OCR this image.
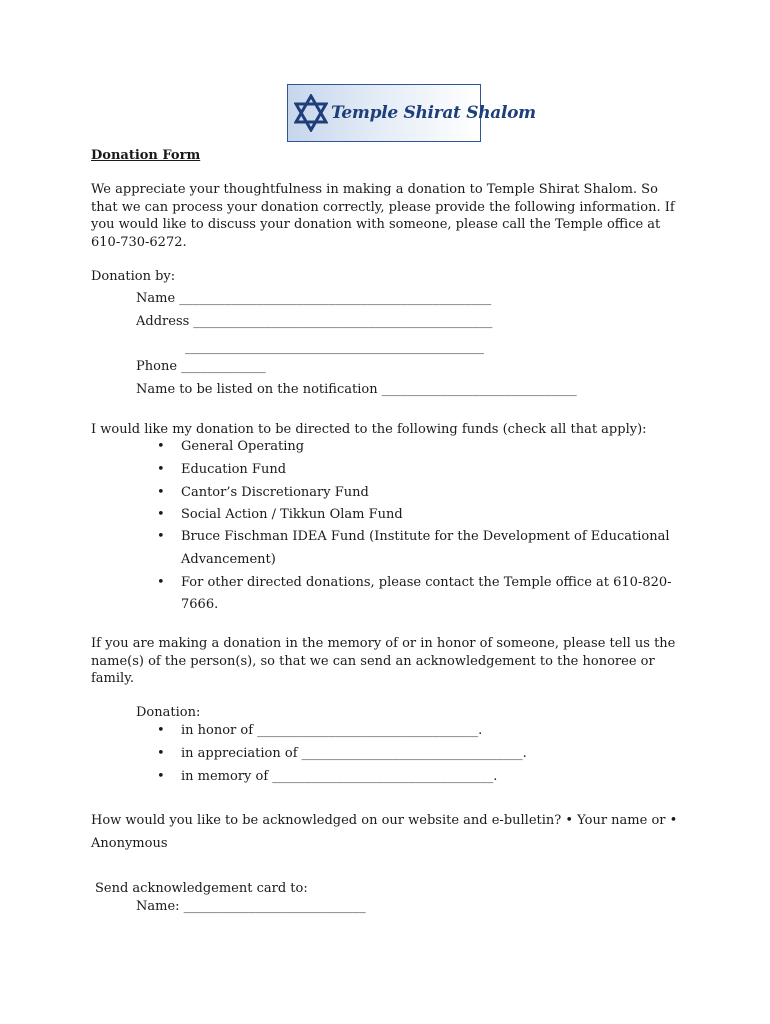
Temple Shirat Shalom
Donation Form
We appreciate your thoughtfulness in making a donation to Temple Shirat Shalom. So that we can process your donation correctly, please provide the following information. If you would like to discuss your donation with someone, please call the Temple office at 610-730-6272.
Donation by:
Name ________________________________________________
Address ______________________________________________
______________________________________________
Phone _____________
Name to be listed on the notification ______________________________
I would like my donation to be directed to the following funds (check all that apply):
• General Operating
• Education Fund
• Cantor’s Discretionary Fund
• Social Action / Tikkun Olam Fund
• Bruce Fischman IDEA Fund (Institute for the Development of Educational
Advancement)
• For other directed donations, please contact the Temple office at 610-820-
7666.
If you are making a donation in the memory of or in honor of someone, please tell us the name(s) of the person(s), so that we can send an acknowledgement to the honoree or family.
Donation:
• in honor of __________________________________.
• in appreciation of __________________________________.
• in memory of __________________________________.
How would you like to be acknowledged on our website and e-bulletin? • Your name or •
Anonymous
Send acknowledgement card to:
Name: ____________________________
